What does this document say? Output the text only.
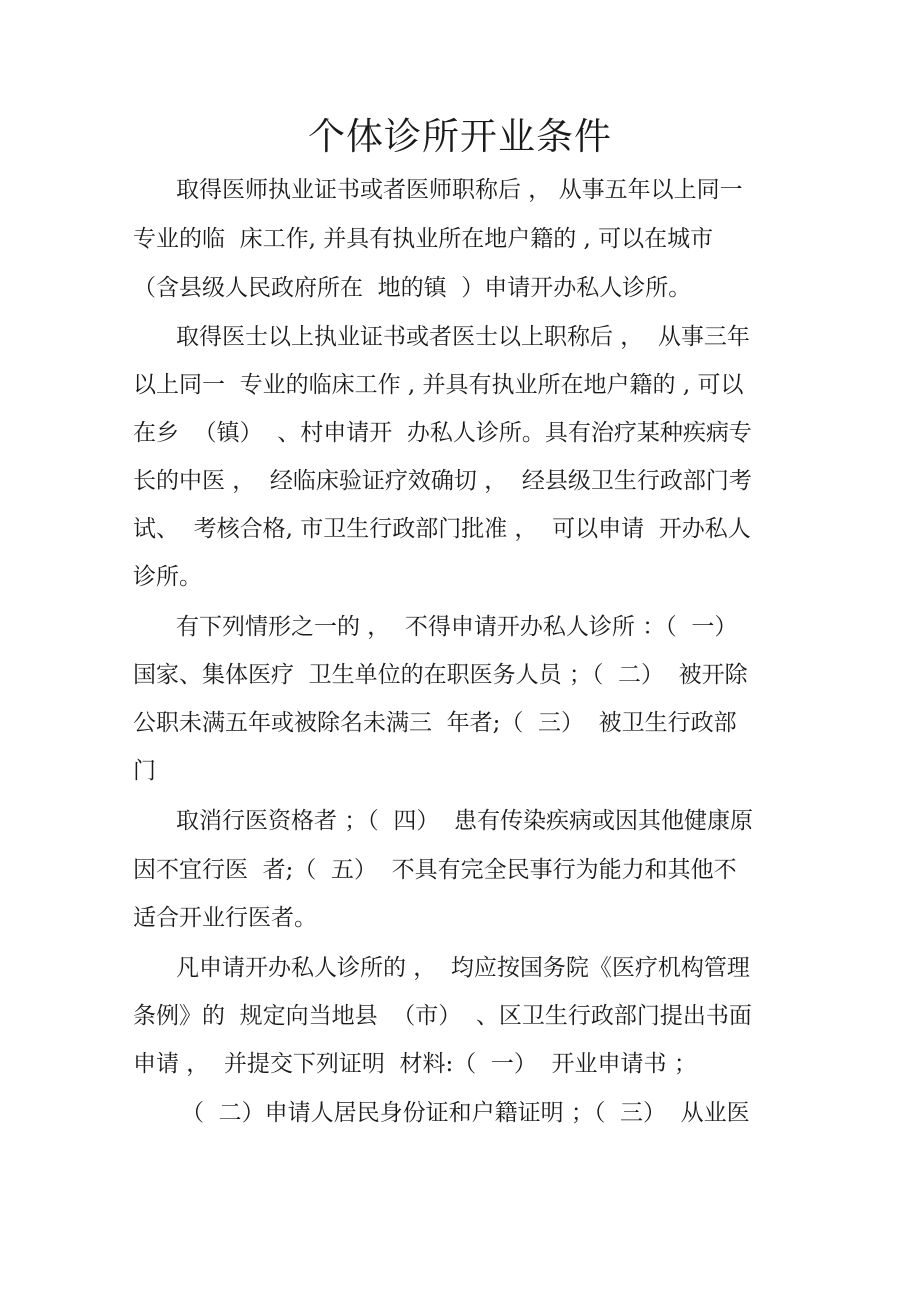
个体诊所开业条件

取得医师执业证书或者医师职称后 ， 从事五年以上同一

专业的临  床工作, 并具有执业所在地户籍的 , 可以在城市

（含县级人民政府所在  地的镇  ）申请开办私人诊所。

取得医士以上执业证书或者医士以上职称后 ，  从事三年

以上同一  专业的临床工作 , 并具有执业所在地户籍的 , 可以

在乡  （镇）  、村申请开  办私人诊所。具有治疗某种疾病专

长的中医 ，  经临床验证疗效确切 ，  经县级卫生行政部门考

试、  考核合格, 市卫生行政部门批准 ，  可以申请  开办私人

诊所。

有下列情形之一的 ，  不得申请开办私人诊所 ：（  一）

国家、集体医疗  卫生单位的在职医务人员 ；（  二）  被开除

公职未满五年或被除名未满三  年者;（  三）  被卫生行政部

门

取消行医资格者 ；（  四）  患有传染疾病或因其他健康原

因不宜行医  者;（  五）  不具有完全民事行为能力和其他不

适合开业行医者。

凡申请开办私人诊所的 ，  均应按国务院《医疗机构管理

条例》的  规定向当地县  （市）  、区卫生行政部门提出书面

申请 ，  并提交下列证明  材料:（  一）  开业申请书 ；

（  二）申请人居民身份证和户籍证明 ；（  三）  从业医
